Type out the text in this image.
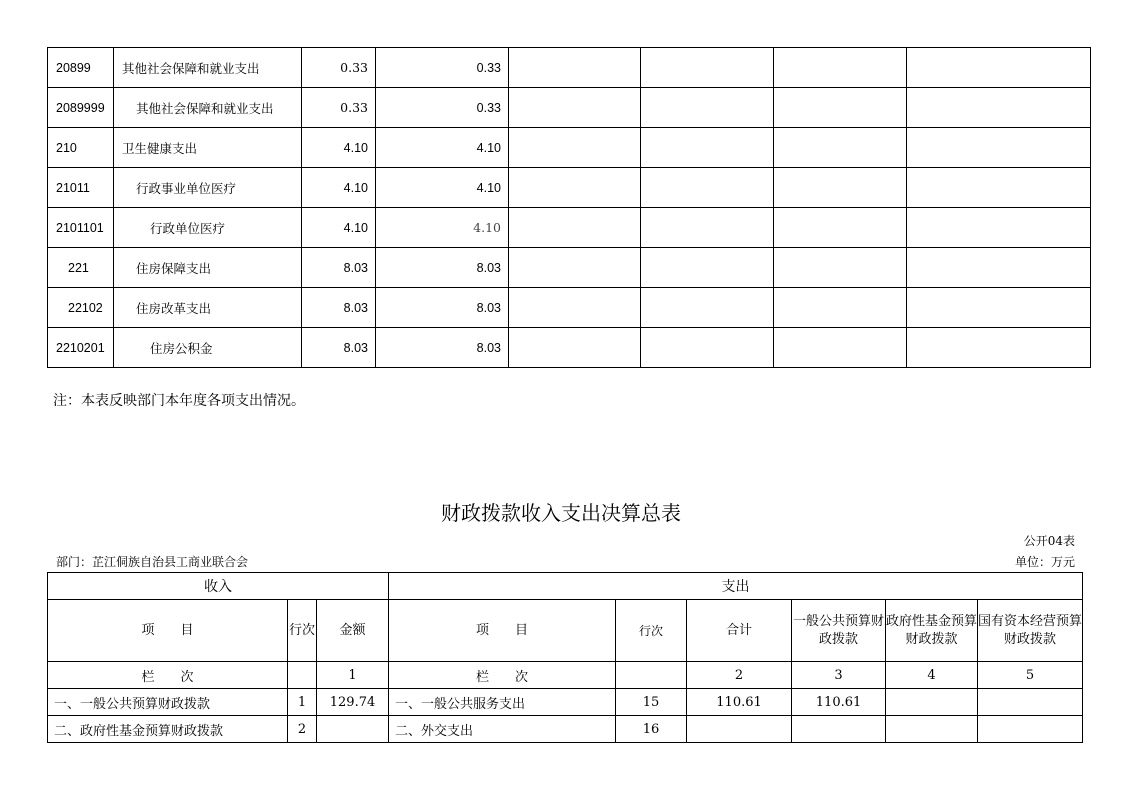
20899	其他社会保障和就业支出	0.33	0.33				
2089999	其他社会保障和就业支出	0.33	0.33				
210	卫生健康支出	4.10	4.10				
21011	行政事业单位医疗	4.10	4.10				
2101101	行政单位医疗	4.10	4.10				
221	住房保障支出	8.03	8.03				
22102	住房改革支出	8.03	8.03				
2210201	住房公积金	8.03	8.03				
注：本表反映部门本年度各项支出情况。
财政拨款收入支出决算总表
公开04表
部门：芷江侗族自治县工商业联合会	单位：万元
收入			支出					
项　　目	行次	金额	项　　目	行次	合计	一般公共预算财政拨款	政府性基金预算财政拨款	国有资本经营预算财政拨款
栏　　次		1	栏　　次		2	3	4	5
一、一般公共预算财政拨款	1	129.74	一、一般公共服务支出	15	110.61	110.61		
二、政府性基金预算财政拨款	2		二、外交支出	16				
